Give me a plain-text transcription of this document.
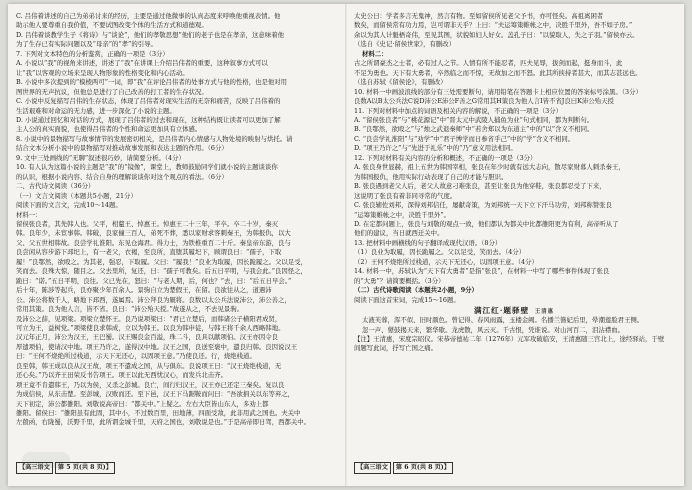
C. 吕伟着讲述的自己为弟弟讨来的经历，主要是通过他微事的认真态度来呼唤他重视表情。他
助示他人要尊重自我价值，不要试图改变个体的生活方式和道德观。
D. 吕伟着谈教学生子《将诗》与“谈论”，他们的孝敬思想”他们的老子也是在孝亲，这意味着他
为了生存已有实际问题以及“母亲”的“孝”的引导。
7. 下列对文本特色的分析鉴赏，正确的一项是（3分）
A. 小说以“我”的视角来讲述，讲述了“我”在讲课上介绍吕伟者的重要，这种叙事方式可以
让“我”以客观的立场来呈现人物形象的性格变化和内心活动。
B. 小说中多次提到的“模棱两可”一词，即“我”在评论吕伟者的处事方式与他的性格，也是他对用
图世界的无声抗议，但他总是进行了自己改善的打工者的生存状况。
C. 小说中反复描写吕伟的生存状态，体现了吕伟者对现实生活的无奈和痛苦，反映了吕伟着的
生活艰难和对命运的无力感，进一步深化了小说的主题。
D. 小说通过回忆和对话的方式，展现了吕伟者的过去和现在，这种结构既让读者可以更加了解
主人公的真实面貌，也使得吕伟者的个性和命运更加具有立体感。
8. 小说中的景物描写与故事情节的发展密切相关，是吕伟者内心情感与人物处境的映射与烘托。请
结合文本分析小说中的景物描写对推动故事发展和表达主题的作用。（6分）
9. 文中三处画线的“无聊”叙述很巧妙，请简要分析。（4分）
10. 有人认为这篇小说的主题是“我”的“镜像”，课堂上，教师鼓励同学们就小说的主题谈谈你
的认识，根据小说内容、结合自身的理解谈谈你对这个观点的看法。（6分）
二、古代诗文阅读（36分）
（一）文言文阅读（本题共5小题，21分）
阅读下面的文言文，完成10～14题。
材料一：
留侯张良者，其先韩人也。父平，相釐王、悼惠王。悼惠王二十三年，平卒。卒二十岁，秦灭
韩。良年少，未宦事韩。韩破，良家僮三百人，弟死不葬，悉以家财求客刺秦王，为韩报仇，以大
父、父五世相韩故。良尝学礼淮阳。东见仓海君。得力士，为铁椎重百二十斤。秦皇帝东游，良与
良尝闲从容步游下邳圯上，有一老父，衣褐，至良所，直堕其履圯下，顾谓良曰：“孺子，下取
履！”良鄂然，欲殴之。为其老，强忍，下取履。父曰：“履我！”良业为取履，因长跪履之。父以足受，
笑而去。良殊大惊，随目之。父去里所，复还，曰：“孺子可教矣。后五日平明，与我会此。”良因怪之，
跪曰：“诺。”五日平明，良往。父已先在，怒曰：“与老人期，后，何也？”去，曰：“后五日早会。”
后十年，陈涉等起兵，良亦聚少年百余人。景驹自立为楚假王，在留。良欲往从之，道遇沛
公。沛公将数千人，略地下邳西，遂属焉。沛公拜良为厩将。良数以太公兵法说沛公，沛公善之，
常用其策。良为他人言，皆不省。良曰：“沛公殆天授。”故遂从之，不去见景驹。
及沛公之薛，见项梁。项梁立楚怀王。良乃说项梁曰：“君已立楚后，而韩诸公子横阳君成贤，
可立为王，益树党。”项梁使良求韩成，立以为韩王。以良为韩申徒，与韩王将千余人西略韩地。
汉元年正月，沛公为汉王，王巴蜀。汉王赐良金百溢，珠二斗，良具以献项伯。汉王亦因令良
厚遗项伯，使请汉中地。项王乃许之，遂得汉中地。汉王之国，良送至褒中，遣良归韩。良因说汉王
曰：“王何不烧绝所过栈道，示天下无还心，以固项王意。”乃使良还。行，烧绝栈道。
良至韩，韩王成以良从汉王故，项王不遣成之国，从与俱东。良说项王曰：“汉王烧绝栈道，无
还心矣。”乃以齐王田荣反书告项王。项王以此无西忧汉心，而发兵北击齐。
项王竟不肯遣韩王，乃以为侯，又杀之彭城。良亡，间行归汉王，汉王亦已还定三秦矣。复以良
为成信侯，从东击楚。至彭城，汉败而还。至下邑，汉王下马踞鞍而问曰：“吾欲捐关以东等弃之，
天下初定，沛公都雒阳。刘敬说高帝曰：“都关中。”上疑之。左右大臣皆山东人，多劝上都
雒阳。留侯曰：“雒阳虽有此固，其中小，不过数百里，田地薄，四面受敌，此非用武之国也。夫关中
左殽函，右陇蜀，沃野千里，此所谓金城千里，天府之国也，刘敬说是也。”于是高帝即日驾，西都关中。
【高三语文 第 5 页(共 8 页)】
太史公曰：学者多言无鬼神，然言有物。至如留侯所见老父予书，亦可怪矣。高祖离困者
数矣，而留侯常有功力焉，岂可谓非天乎？上曰：“夫运筹策帷帐之中，决胜千里外，吾不如子房。”
余以为其人计魁梧奇伟，至见其图，状貌如妇人好女。盖孔子曰：“以貌取人，失之子羽。”留侯亦云。
（选自《史记·留侯世家》，有删改）
材料二：
古之所谓豪杰之士者，必有过人之节。人情有所不能忍者，匹夫见辱，拔剑而起，挺身而斗，此
不足为勇也。天下有大勇者，卒然临之而不惊，无故加之而不怒。此其所挟持者甚大，而其志甚远也。
（选自苏轼《留侯论》，有删改）
10. 材料一中画波浪线的部分有三处需要断句，请用铅笔在答题卡上相应位置的答案标号涂黑。（3分）
良数A以B太公兵法C说D沛公E沛公F善之G常用其H策良为他人言I皆不省J良曰K沛公殆天授
11. 下列对材料中加点的词语及相关内容的解说，不正确的一项是（3分）
A. “留侯张良者”与“桃花源记”中“晋太元中武陵人捕鱼为业”句式相同，都为判断句。
B. “良鄂然，欲殴之”与“烛之武退秦师”中“若舍郑以为东道主”中的“以”含义不相同。
C. “良尝学礼淮阳”与“劝学”中“君子博学而日参省乎己”中的“学”含义不相同。
D. “项王乃许之”与“先进于礼乐”中的“乃”意义用法相同。
12. 下列对材料有关内容的分析和概述，不正确的一项是（3分）
A. 张良身世显赫，祖上五世为韩国宰相，张良在年少时就有远大志向，散尽家财募人刺杀秦王，
为韩国报仇，他用实际行动表现了自己的才能与胆识。
B. 张良遇到老父人后，老父人故意刁难张良，甚至让张良为他穿鞋，张良都忍受了下来，
这说明了张良有着非同寻常的气度。
C. 张良辅佐刘邦，深得刘邦信任，屡献奇策，为刘邦统一天下立下汗马功劳，刘邦称赞张良
“运筹策帷帐之中，决胜千里外”。
D. 在定都问题上，张良与刘敬的观点一致，他们都认为都关中比都雒阳更为有利，高帝听从了
他们的建议，当日就西迁关中。
13. 把材料中画横线的句子翻译成现代汉语。（8分）
（1）良业为取履，因长跪履之。父以足受，笑而去。（4分）
（2）王何不烧绝所过栈道，示天下无还心，以固项王意。（4分）
14. 材料一中，苏轼认为“天下有大勇者”是指“张良”，在材料一中写了哪些事件体现了张良
的“大勇”？请简要概括。（3分）
（二）古代诗歌阅读（本题共2小题，9分）
阅读下面这首宋词，完成15～16题。
满江红·题驿壁 王清惠
太液芙蓉，浑不似、旧时颜色。曾记得、春风雨露，玉楼金阙。名播兰簪妃后里，晕潮莲脸君王侧。
忽一声、鼙鼓揭天来，繁华歇。龙虎散，风云灭。千古恨，凭谁说。对山河百二，泪沾襟血。
【注】王清惠，宋度宗昭仪。宋恭帝德祐二年（1276年）元军攻破临安，王清惠随三宫北上，途经驿站，于壁
间题写此词，抒写亡国之痛。
【高三语文 第 6 页(共 8 页)】
